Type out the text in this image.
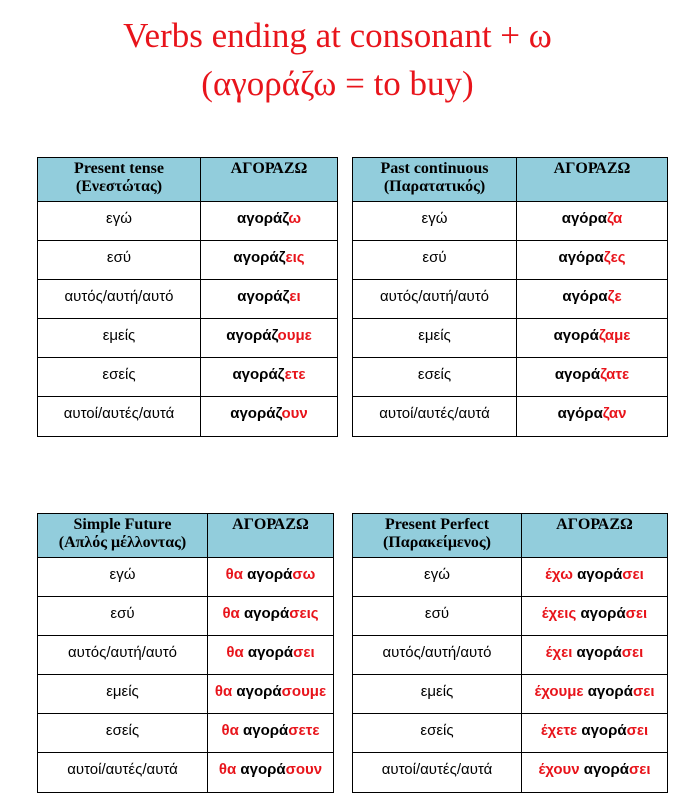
Verbs ending at consonant + ω
(αγοράζω = to buy)
Present tense
(Ενεστώτας)	ΑΓΟΡΑΖΩ
εγώ	αγοράζω
εσύ	αγοράζεις
αυτός/αυτή/αυτό	αγοράζει
εμείς	αγοράζουμε
εσείς	αγοράζετε
αυτοί/αυτές/αυτά	αγοράζουν
Past continuous
(Παρατατικός)	ΑΓΟΡΑΖΩ
εγώ	αγόραζα
εσύ	αγόραζες
αυτός/αυτή/αυτό	αγόραζε
εμείς	αγοράζαμε
εσείς	αγοράζατε
αυτοί/αυτές/αυτά	αγόραζαν
Simple Future
(Απλός μέλλοντας)	ΑΓΟΡΑΖΩ
εγώ	θα αγοράσω
εσύ	θα αγοράσεις
αυτός/αυτή/αυτό	θα αγοράσει
εμείς	θα αγοράσουμε
εσείς	θα αγοράσετε
αυτοί/αυτές/αυτά	θα αγοράσουν
Present Perfect
(Παρακείμενος)	ΑΓΟΡΑΖΩ
εγώ	έχω αγοράσει
εσύ	έχεις αγοράσει
αυτός/αυτή/αυτό	έχει αγοράσει
εμείς	έχουμε αγοράσει
εσείς	έχετε αγοράσει
αυτοί/αυτές/αυτά	έχουν αγοράσει
